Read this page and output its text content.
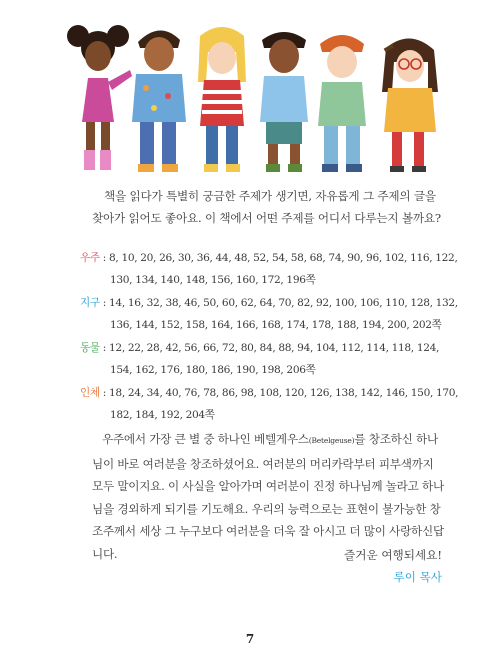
책을 읽다가 특별히 궁금한 주제가 생기면, 자유롭게 그 주제의 글을 찾아가 읽어도 좋아요. 이 책에서 어떤 주제를 어디서 다루는지 볼까요?
우주 : 8, 10, 20, 26, 30, 36, 44, 48, 52, 54, 58, 68, 74, 90, 96, 102, 116, 122,
130, 134, 140, 148, 156, 160, 172, 196쪽
지구 : 14, 16, 32, 38, 46, 50, 60, 62, 64, 70, 82, 92, 100, 106, 110, 128, 132,
136, 144, 152, 158, 164, 166, 168, 174, 178, 188, 194, 200, 202쪽
동물 : 12, 22, 28, 42, 56, 66, 72, 80, 84, 88, 94, 104, 112, 114, 118, 124,
154, 162, 176, 180, 186, 190, 198, 206쪽
인체 : 18, 24, 34, 40, 76, 78, 86, 98, 108, 120, 126, 138, 142, 146, 150, 170,
182, 184, 192, 204쪽
우주에서 가장 큰 별 중 하나인 베텔게우스(Betelgeuse)를 창조하신 하나님이 바로 여러분을 창조하셨어요. 여러분의 머리카락부터 피부색까지 모두 말이지요. 이 사실을 알아가며 여러분이 진정 하나님께 놀라고 하나님을 경외하게 되기를 기도해요. 우리의 능력으로는 표현이 불가능한 창조주께서 세상 그 누구보다 여러분을 더욱 잘 아시고 더 많이 사랑하신답니다.	즐거운 여행되세요!
루이 목사
7
